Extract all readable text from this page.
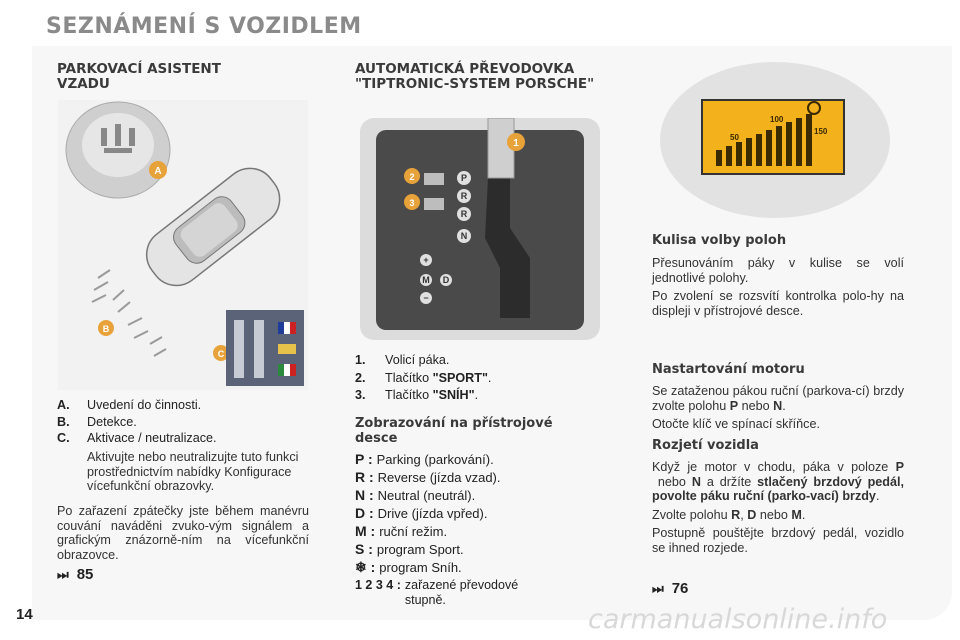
SEZNÁMENÍ S VOZIDLEM
PARKOVACÍ ASISTENT VZADU
A
B
C
A.	Uvedení do činnosti.
B.	Detekce.
C.	Aktivace / neutralizace.
Aktivujte nebo neutralizujte tuto funkci prostřednictvím nabídky Konfigurace vícefunkční obrazovky.
Po zařazení zpátečky jste během manévru couvání naváděni zvuko-vým signálem a grafickým znázorně-ním na vícefunkční obrazovce.
⏭ 85
AUTOMATICKÁ PŘEVODOVKA "TIPTRONIC-SYSTEM PORSCHE"
1
2
3
P
R
R
N
+
M
−
D
1.	Volicí páka.
2.	Tlačítko "SPORT" .
3.	Tlačítko "SNÍH" .
Zobrazování na přístrojové desce
P : Parking (parkování).
R : Reverse (jízda vzad).
N : Neutral (neutrál).
D : Drive (jízda vpřed).
M : ruční režim.
S : program Sport.
❄ : program Sníh.
1 2 3 4 : zařazené převodové stupně.
50
100
150
Kulisa volby poloh

Přesunováním páky v kulise se volí jednotlivé polohy.

Po zvolení se rozsvítí kontrolka polo-hy na displeji v přístrojové desce.

Nastartování motoru

Se zataženou pákou ruční (parkova-cí) brzdy zvolte polohu P nebo N.

Otočte klíč ve spínací skříňce.

Rozjetí vozidla

Když je motor v chodu, páka v poloze P nebo N a držíte stlačený brzdový pedál, povolte páku ruční (parko-vací) brzdy.

Zvolte polohu R, D nebo M.

Postupně pouštějte brzdový pedál, vozidlo se ihned rozjede.

⏭ 76
14	carmanualsonline.info
